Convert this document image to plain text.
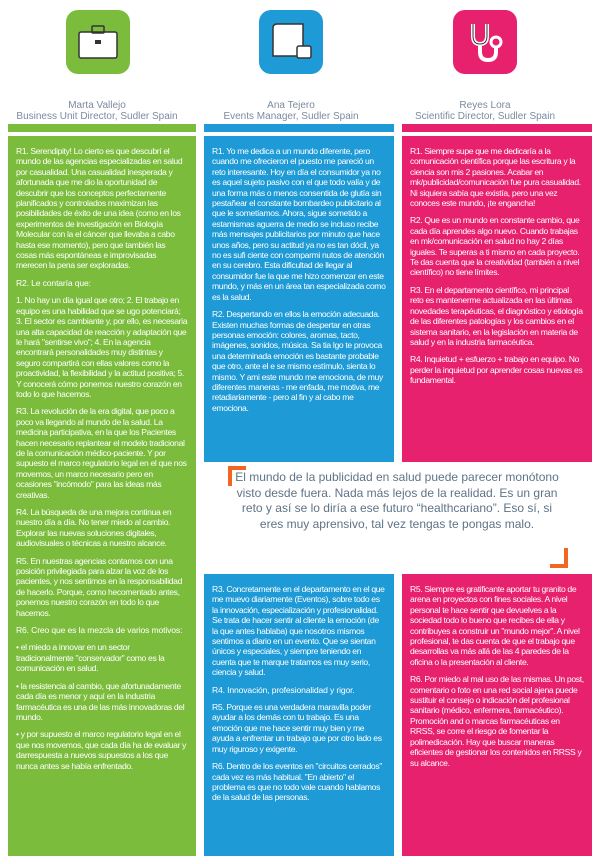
Marta Vallejo
Business Unit Director, Sudler Spain
Ana Tejero
Events Manager, Sudler Spain
Reyes Lora
Scientific Director, Sudler Spain

R1. Serendipity! Lo cierto es que descubrí el mundo de las agencias especializadas en salud por casualidad. Una casualidad inesperada y afortunada que me dio la oportunidad de descubrir que los conceptos perfectamente planificados y controlados maximizan las posibilidades de éxito de una idea (como en los experimentos de investigación en Biología Molecular con la el cáncer que llevaba a cabo hasta ese momento), pero que también las cosas más espontáneas e improvisadas merecen la pena ser exploradas.

R2. Le contaría que:

1. No hay un día igual que otro; 2. El trabajo en equipo es una habilidad que se ugo potenciará; 3. El sector es cambiante y, por ello, es necesaria una alta capacidad de reacción y adaptación que le hará "sentirse vivo"; 4. En la agencia encontrará personalidades muy distintas y seguro compartirá con ellas valores como la proactividad, la flexibilidad y la actitud positiva; 5. Y conocerá cómo ponemos nuestro corazón en todo lo que hacemos.

R3. La revolución de la era digital, que poco a poco va llegando al mundo de la salud. La medicina participativa, en la que los Pacientes hacen necesario replantear el modelo tradicional de la comunicación médico-paciente. Y por supuesto el marco regulatorio legal en el que nos movemos, un marco necesario pero en ocasiones "incómodo" para las ideas más creativas.

R4. La búsqueda de una mejora continua en nuestro día a día. No tener miedo al cambio. Explorar las nuevas soluciones digitales, audiovisuales o técnicas a nuestro alcance.

R5. En nuestras agencias contamos con una posición privilegiada para alzar la voz de los pacientes, y nos sentimos en la responsabilidad de hacerlo. Porque, como hecomentado antes, ponemos nuestro corazón en todo lo que hacemos.

R6. Creo que es la mezcla de varios motivos:

• el miedo a innovar en un sector tradicionalmente "conservador" como es la comunicación en salud.

• la resistencia al cambio, que afortunadamente cada día es menor y aquí en la industria farmacéutica es una de las más innovadoras del mundo.

• y por supuesto el marco regulatorio legal en el que nos movemos, que cada día ha de evaluar y darrespuesta a nuevos supuestos a los que nunca antes se había enfrentado.

R1. Yo me dedica a un mundo diferente, pero cuando me ofrecieron el puesto me pareció un reto interesante. Hoy en día el consumidor ya no es aquel sujeto pasivo con el que todo valía y de una forma más o menos consentida de glutía sin pestañear el constante bombardeo publicitario al que le sometíamos. Ahora, sigue sometido a estamismas aguerra de medio se incluso recibe más mensajes publicitarios por minuto que hace unos años, pero su actitud ya no es tan dócil, ya no es sufi ciente con comparmi nutos de atención en su cerebro. Esta dificultad de llegar al consumidor fue la que me hizo comenzar en este mundo, y más en un área tan especializada como es la salud.

R2. Despertando en ellos la emoción adecuada. Existen muchas formas de despertar en otras personas emoción: colores, aromas, tacto, imágenes, sonidos, música. Sa tia lgo te provoca una determinada emoción es bastante probable que otro, ante el e se mismo estímulo, sienta lo mismo. Y ami este mundo me emociona, de muy diferentes maneras - me enfada, me motiva, me retadiariamente - pero al fin y al cabo me emociona.

R1. Siempre supe que me dedicaría a la comunicación científica porque las escritura y la ciencia son mis 2 pasiones. Acabar en mk/publicidad/comunicación fue pura casualidad. Ni siquiera sabía que existía, pero una vez conoces este mundo, ¡te engancha!

R2. Que es un mundo en constante cambio, que cada día aprendes algo nuevo. Cuando trabajas en mk/comunicación en salud no hay 2 días iguales. Te superas a ti mismo en cada proyecto. Te das cuenta que la creatividad (también a nivel científico) no tiene límites.

R3. En el departamento científico, mi principal reto es mantenerme actualizada en las últimas novedades terapéuticas, el diagnóstico y etiología de las diferentes patologías y los cambios en el sistema sanitario, en la legislación en materia de salud y en la industria farmacéutica.

R4. Inquietud + esfuerzo + trabajo en equipo. No perder la inquietud por aprender cosas nuevas es fundamental.

El mundo de la publicidad en salud puede parecer monótono visto desde fuera. Nada más lejos de la realidad. Es un gran reto y así se lo diría a ese futuro “healthcariano”. Eso sí, si eres muy aprensivo, tal vez tengas te pongas malo.

R3. Concretamente en el departamento en el que me muevo diariamente (Eventos), sobre todo es la innovación, especialización y profesionalidad. Se trata de hacer sentir al cliente la emoción (de la que antes hablaba) que nosotros mismos sentimos a diario en un evento. Que se sientan únicos y especiales, y siempre teniendo en cuenta que te marque tratamos es muy serio, ciencia y salud.

R4. Innovación, profesionalidad y rigor.

R5. Porque es una verdadera maravilla poder ayudar a los demás con tu trabajo. Es una emoción que me hace sentir muy bien y me ayuda a enfrentar un trabajo que por otro lado es muy riguroso y exigente.

R6. Dentro de los eventos en "circuitos cerrados" cada vez es más habitual. "En abierto" el problema es que no todo vale cuando hablamos de la salud de las personas.

R5. Siempre es gratificante aportar tu granito de arena en proyectos con fines sociales. A nivel personal te hace sentir que devuelves a la sociedad todo lo bueno que recibes de ella y contribuyes a construir un "mundo mejor". A nivel profesional, te das cuenta de que el trabajo que desarrollas va más allá de las 4 paredes de la oficina o la presentación al cliente.

R6. Por miedo al mal uso de las mismas. Un post, comentario o foto en una red social ajena puede sustituir el consejo o indicación del profesional sanitario (médico, enfermera, farmacéutico). Promoción and o marcas farmacéuticas en RRSS, se corre el riesgo de fomentar la polimedicación. Hay que buscar maneras eficientes de gestionar los contenidos en RRSS y su alcance.
